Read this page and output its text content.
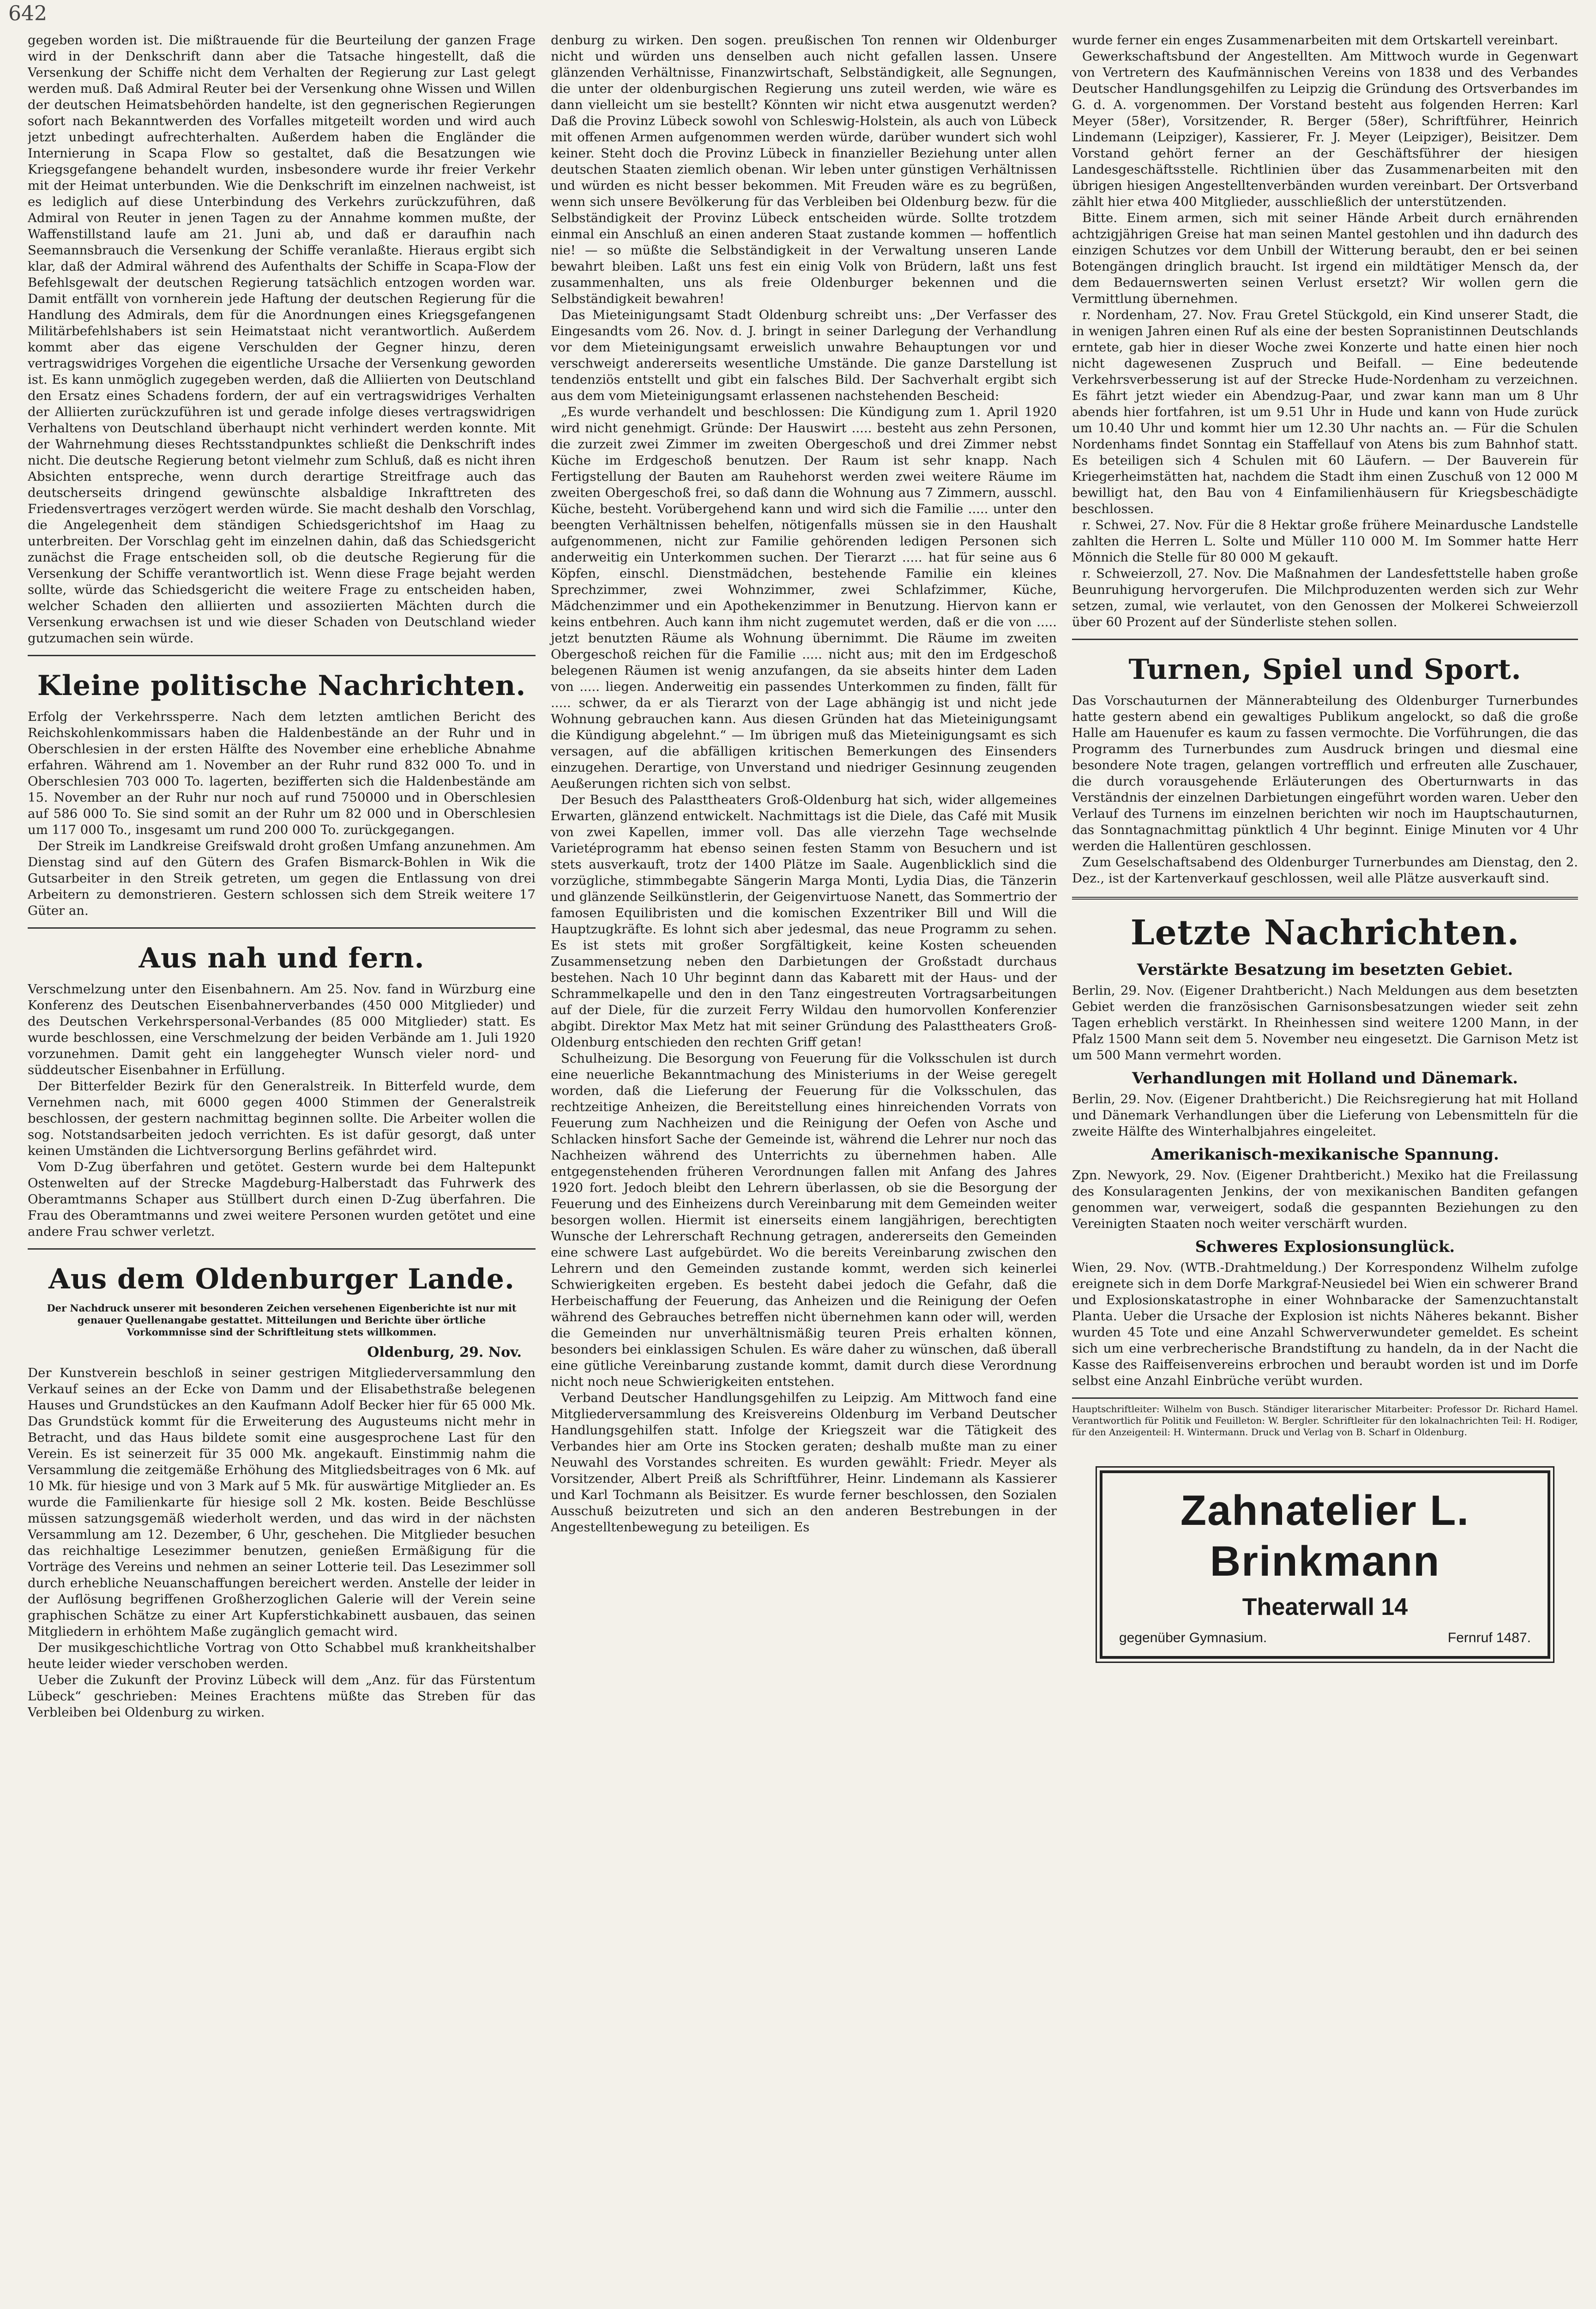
642

gegeben worden ist. Die mißtrauende für die Beurteilung der ganzen Frage wird in der Denkschrift dann aber die Tatsache hingestellt, daß die Versenkung der Schiffe nicht dem Verhalten der Regierung zur Last gelegt werden muß. Daß Admiral Reuter bei der Versenkung ohne Wissen und Willen der deutschen Heimatsbehörden handelte, ist den gegnerischen Regierungen sofort nach Bekanntwerden des Vorfalles mitgeteilt worden und wird auch jetzt unbedingt aufrechterhalten. Außerdem haben die Engländer die Internierung in Scapa Flow so gestaltet, daß die Besatzungen wie Kriegsgefangene behandelt wurden, insbesondere wurde ihr freier Verkehr mit der Heimat unterbunden. Wie die Denkschrift im einzelnen nachweist, ist es lediglich auf diese Unterbindung des Verkehrs zurückzuführen, daß Admiral von Reuter in jenen Tagen zu der Annahme kommen mußte, der Waffenstillstand laufe am 21. Juni ab, und daß er daraufhin nach Seemannsbrauch die Versenkung der Schiffe veranlaßte. Hieraus ergibt sich klar, daß der Admiral während des Aufenthalts der Schiffe in Scapa-Flow der Befehlsgewalt der deutschen Regierung tatsächlich entzogen worden war. Damit entfällt von vornherein jede Haftung der deutschen Regierung für die Handlung des Admirals, dem für die Anordnungen eines Kriegsgefangenen Militärbefehlshabers ist sein Heimatstaat nicht verantwortlich. Außerdem kommt aber das eigene Verschulden der Gegner hinzu, deren vertragswidriges Vorgehen die eigentliche Ursache der Versenkung geworden ist. Es kann unmöglich zugegeben werden, daß die Alliierten von Deutschland den Ersatz eines Schadens fordern, der auf ein vertragswidriges Verhalten der Alliierten zurückzuführen ist und gerade infolge dieses vertragswidrigen Verhaltens von Deutschland überhaupt nicht verhindert werden konnte. Mit der Wahrnehmung dieses Rechtsstandpunktes schließt die Denkschrift indes nicht. Die deutsche Regierung betont vielmehr zum Schluß, daß es nicht ihren Absichten entspreche, wenn durch derartige Streitfrage auch das deutscherseits dringend gewünschte alsbaldige Inkrafttreten des Friedensvertrages verzögert werden würde. Sie macht deshalb den Vorschlag, die Angelegenheit dem ständigen Schiedsgerichtshof im Haag zu unterbreiten. Der Vorschlag geht im einzelnen dahin, daß das Schiedsgericht zunächst die Frage entscheiden soll, ob die deutsche Regierung für die Versenkung der Schiffe verantwortlich ist. Wenn diese Frage bejaht werden sollte, würde das Schiedsgericht die weitere Frage zu entscheiden haben, welcher Schaden den alliierten und assoziierten Mächten durch die Versenkung erwachsen ist und wie dieser Schaden von Deutschland wieder gutzumachen sein würde.

Kleine politische Nachrichten.

Erfolg der Verkehrssperre. Nach dem letzten amtlichen Bericht des Reichskohlenkommissars haben die Haldenbestände an der Ruhr und in Oberschlesien in der ersten Hälfte des November eine erhebliche Abnahme erfahren. Während am 1. November an der Ruhr rund 832 000 To. und in Oberschlesien 703 000 To. lagerten, bezifferten sich die Haldenbestände am 15. November an der Ruhr nur noch auf rund 750000 und in Oberschlesien auf 586 000 To. Sie sind somit an der Ruhr um 82 000 und in Oberschlesien um 117 000 To., insgesamt um rund 200 000 To. zurückgegangen.

Der Streik im Landkreise Greifswald droht großen Umfang anzunehmen. Am Dienstag sind auf den Gütern des Grafen Bismarck-Bohlen in Wik die Gutsarbeiter in den Streik getreten, um gegen die Entlassung von drei Arbeitern zu demonstrieren. Gestern schlossen sich dem Streik weitere 17 Güter an.

Aus nah und fern.

Verschmelzung unter den Eisenbahnern. Am 25. Nov. fand in Würzburg eine Konferenz des Deutschen Eisenbahnerverbandes (450 000 Mitglieder) und des Deutschen Verkehrspersonal-Verbandes (85 000 Mitglieder) statt. Es wurde beschlossen, eine Verschmelzung der beiden Verbände am 1. Juli 1920 vorzunehmen. Damit geht ein langgehegter Wunsch vieler nord- und süddeutscher Eisenbahner in Erfüllung.

Der Bitterfelder Bezirk für den Generalstreik. In Bitterfeld wurde, dem Vernehmen nach, mit 6000 gegen 4000 Stimmen der Generalstreik beschlossen, der gestern nachmittag beginnen sollte. Die Arbeiter wollen die sog. Notstandsarbeiten jedoch verrichten. Es ist dafür gesorgt, daß unter keinen Umständen die Lichtversorgung Berlins gefährdet wird.

Vom D-Zug überfahren und getötet. Gestern wurde bei dem Haltepunkt Ostenwelten auf der Strecke Magdeburg-Halberstadt das Fuhrwerk des Oberamtmanns Schaper aus Stüllbert durch einen D-Zug überfahren. Die Frau des Oberamtmanns und zwei weitere Personen wurden getötet und eine andere Frau schwer verletzt.

Aus dem Oldenburger Lande.
Der Nachdruck unserer mit besonderen Zeichen versehenen Eigenberichte ist nur mit genauer Quellenangabe gestattet. Mitteilungen und Berichte über örtliche Vorkommnisse sind der Schriftleitung stets willkommen.
Oldenburg, 29. Nov.

Der Kunstverein beschloß in seiner gestrigen Mitgliederversammlung den Verkauf seines an der Ecke von Damm und der Elisabethstraße belegenen Hauses und Grundstückes an den Kaufmann Adolf Becker hier für 65 000 Mk. Das Grundstück kommt für die Erweiterung des Augusteums nicht mehr in Betracht, und das Haus bildete somit eine ausgesprochene Last für den Verein. Es ist seinerzeit für 35 000 Mk. angekauft. Einstimmig nahm die Versammlung die zeitgemäße Erhöhung des Mitgliedsbeitrages von 6 Mk. auf 10 Mk. für hiesige und von 3 Mark auf 5 Mk. für auswärtige Mitglieder an. Es wurde die Familienkarte für hiesige soll 2 Mk. kosten. Beide Beschlüsse müssen satzungsgemäß wiederholt werden, und das wird in der nächsten Versammlung am 12. Dezember, 6 Uhr, geschehen. Die Mitglieder besuchen das reichhaltige Lesezimmer benutzen, genießen Ermäßigung für die Vorträge des Vereins und nehmen an seiner Lotterie teil. Das Lesezimmer soll durch erhebliche Neuanschaffungen bereichert werden. Anstelle der leider in der Auflösung begriffenen Großherzoglichen Galerie will der Verein seine graphischen Schätze zu einer Art Kupferstichkabinett ausbauen, das seinen Mitgliedern in erhöhtem Maße zugänglich gemacht wird.

Der musikgeschichtliche Vortrag von Otto Schabbel muß krankheitshalber heute leider wieder verschoben werden.

Ueber die Zukunft der Provinz Lübeck will dem „Anz. für das Fürstentum Lübeck“ geschrieben: Meines Erachtens müßte das Streben für das Verbleiben bei Oldenburg zu wirken.

denburg zu wirken. Den sogen. preußischen Ton rennen wir Oldenburger nicht und würden uns denselben auch nicht gefallen lassen. Unsere glänzenden Verhältnisse, Finanzwirtschaft, Selbständigkeit, alle Segnungen, die unter der oldenburgischen Regierung uns zuteil werden, wie wäre es dann vielleicht um sie bestellt? Könnten wir nicht etwa ausgenutzt werden? Daß die Provinz Lübeck sowohl von Schleswig-Holstein, als auch von Lübeck mit offenen Armen aufgenommen werden würde, darüber wundert sich wohl keiner. Steht doch die Provinz Lübeck in finanzieller Beziehung unter allen deutschen Staaten ziemlich obenan. Wir leben unter günstigen Verhältnissen und würden es nicht besser bekommen. Mit Freuden wäre es zu begrüßen, wenn sich unsere Bevölkerung für das Verbleiben bei Oldenburg bezw. für die Selbständigkeit der Provinz Lübeck entscheiden würde. Sollte trotzdem einmal ein Anschluß an einen anderen Staat zustande kommen — hoffentlich nie! — so müßte die Selbständigkeit in der Verwaltung unseren Lande bewahrt bleiben. Laßt uns fest ein einig Volk von Brüdern, laßt uns fest zusammenhalten, uns als freie Oldenburger bekennen und die Selbständigkeit bewahren!

Das Mieteinigungsamt Stadt Oldenburg schreibt uns: „Der Verfasser des Eingesandts vom 26. Nov. d. J. bringt in seiner Darlegung der Verhandlung vor dem Mieteinigungsamt erweislich unwahre Behauptungen vor und verschweigt andererseits wesentliche Umstände. Die ganze Darstellung ist tendenziös entstellt und gibt ein falsches Bild. Der Sachverhalt ergibt sich aus dem vom Mieteinigungsamt erlassenen nachstehenden Bescheid:

„Es wurde verhandelt und beschlossen: Die Kündigung zum 1. April 1920 wird nicht genehmigt. Gründe: Der Hauswirt ..... besteht aus zehn Personen, die zurzeit zwei Zimmer im zweiten Obergeschoß und drei Zimmer nebst Küche im Erdgeschoß benutzen. Der Raum ist sehr knapp. Nach Fertigstellung der Bauten am Rauhehorst werden zwei weitere Räume im zweiten Obergeschoß frei, so daß dann die Wohnung aus 7 Zimmern, ausschl. Küche, besteht. Vorübergehend kann und wird sich die Familie ..... unter den beengten Verhältnissen behelfen, nötigenfalls müssen sie in den Haushalt aufgenommenen, nicht zur Familie gehörenden ledigen Personen sich anderweitig ein Unterkommen suchen. Der Tierarzt ..... hat für seine aus 6 Köpfen, einschl. Dienstmädchen, bestehende Familie ein kleines Sprechzimmer, zwei Wohnzimmer, zwei Schlafzimmer, Küche, Mädchenzimmer und ein Apothekenzimmer in Benutzung. Hiervon kann er keins entbehren. Auch kann ihm nicht zugemutet werden, daß er die von ..... jetzt benutzten Räume als Wohnung übernimmt. Die Räume im zweiten Obergeschoß reichen für die Familie ..... nicht aus; mit den im Erdgeschoß belegenen Räumen ist wenig anzufangen, da sie abseits hinter dem Laden von ..... liegen. Anderweitig ein passendes Unterkommen zu finden, fällt für ..... schwer, da er als Tierarzt von der Lage abhängig ist und nicht jede Wohnung gebrauchen kann. Aus diesen Gründen hat das Mieteinigungsamt die Kündigung abgelehnt.“ — Im übrigen muß das Mieteinigungsamt es sich versagen, auf die abfälligen kritischen Bemerkungen des Einsenders einzugehen. Derartige, von Unverstand und niedriger Gesinnung zeugenden Aeußerungen richten sich von selbst.

Der Besuch des Palasttheaters Groß-Oldenburg hat sich, wider allgemeines Erwarten, glänzend entwickelt. Nachmittags ist die Diele, das Café mit Musik von zwei Kapellen, immer voll. Das alle vierzehn Tage wechselnde Varietéprogramm hat ebenso seinen festen Stamm von Besuchern und ist stets ausverkauft, trotz der 1400 Plätze im Saale. Augenblicklich sind die vorzügliche, stimmbegabte Sängerin Marga Monti, Lydia Dias, die Tänzerin und glänzende Seilkünstlerin, der Geigenvirtuose Nanett, das Sommertrio der famosen Equilibristen und die komischen Exzentriker Bill und Will die Hauptzugkräfte. Es lohnt sich aber jedesmal, das neue Programm zu sehen. Es ist stets mit großer Sorgfältigkeit, keine Kosten scheuenden Zusammensetzung neben den Darbietungen der Großstadt durchaus bestehen. Nach 10 Uhr beginnt dann das Kabarett mit der Haus- und der Schrammelkapelle und den in den Tanz eingestreuten Vortragsarbeitungen auf der Diele, für die zurzeit Ferry Wildau den humorvollen Konferenzier abgibt. Direktor Max Metz hat mit seiner Gründung des Palasttheaters Groß-Oldenburg entschieden den rechten Griff getan!

Schulheizung. Die Besorgung von Feuerung für die Volksschulen ist durch eine neuerliche Bekanntmachung des Ministeriums in der Weise geregelt worden, daß die Lieferung der Feuerung für die Volksschulen, das rechtzeitige Anheizen, die Bereitstellung eines hinreichenden Vorrats von Feuerung zum Nachheizen und die Reinigung der Oefen von Asche und Schlacken hinsfort Sache der Gemeinde ist, während die Lehrer nur noch das Nachheizen während des Unterrichts zu übernehmen haben. Alle entgegenstehenden früheren Verordnungen fallen mit Anfang des Jahres 1920 fort. Jedoch bleibt den Lehrern überlassen, ob sie die Besorgung der Feuerung und des Einheizens durch Vereinbarung mit dem Gemeinden weiter besorgen wollen. Hiermit ist einerseits einem langjährigen, berechtigten Wunsche der Lehrerschaft Rechnung getragen, andererseits den Gemeinden eine schwere Last aufgebürdet. Wo die bereits Vereinbarung zwischen den Lehrern und den Gemeinden zustande kommt, werden sich keinerlei Schwierigkeiten ergeben. Es besteht dabei jedoch die Gefahr, daß die Herbeischaffung der Feuerung, das Anheizen und die Reinigung der Oefen während des Gebrauches betreffen nicht übernehmen kann oder will, werden die Gemeinden nur unverhältnismäßig teuren Preis erhalten können, besonders bei einklassigen Schulen. Es wäre daher zu wünschen, daß überall eine gütliche Vereinbarung zustande kommt, damit durch diese Verordnung nicht noch neue Schwierigkeiten entstehen.

Verband Deutscher Handlungsgehilfen zu Leipzig. Am Mittwoch fand eine Mitgliederversammlung des Kreisvereins Oldenburg im Verband Deutscher Handlungsgehilfen statt. Infolge der Kriegszeit war die Tätigkeit des Verbandes hier am Orte ins Stocken geraten; deshalb mußte man zu einer Neuwahl des Vorstandes schreiten. Es wurden gewählt: Friedr. Meyer als Vorsitzender, Albert Preiß als Schriftführer, Heinr. Lindemann als Kassierer und Karl Tochmann als Beisitzer. Es wurde ferner beschlossen, den Sozialen Ausschuß beizutreten und sich an den anderen Bestrebungen in der Angestelltenbewegung zu beteiligen. Es

wurde ferner ein enges Zusammenarbeiten mit dem Ortskartell vereinbart.

Gewerkschaftsbund der Angestellten. Am Mittwoch wurde in Gegenwart von Vertretern des Kaufmännischen Vereins von 1838 und des Verbandes Deutscher Handlungsgehilfen zu Leipzig die Gründung des Ortsverbandes im G. d. A. vorgenommen. Der Vorstand besteht aus folgenden Herren: Karl Meyer (58er), Vorsitzender, R. Berger (58er), Schriftführer, Heinrich Lindemann (Leipziger), Kassierer, Fr. J. Meyer (Leipziger), Beisitzer. Dem Vorstand gehört ferner an der Geschäftsführer der hiesigen Landesgeschäftsstelle. Richtlinien über das Zusammenarbeiten mit den übrigen hiesigen Angestelltenverbänden wurden vereinbart. Der Ortsverband zählt hier etwa 400 Mitglieder, ausschließlich der unterstützenden.

Bitte. Einem armen, sich mit seiner Hände Arbeit durch ernährenden achtzigjährigen Greise hat man seinen Mantel gestohlen und ihn dadurch des einzigen Schutzes vor dem Unbill der Witterung beraubt, den er bei seinen Botengängen dringlich braucht. Ist irgend ein mildtätiger Mensch da, der dem Bedauernswerten seinen Verlust ersetzt? Wir wollen gern die Vermittlung übernehmen.

r. Nordenham, 27. Nov. Frau Gretel Stückgold, ein Kind unserer Stadt, die in wenigen Jahren einen Ruf als eine der besten Sopranistinnen Deutschlands erntete, gab hier in dieser Woche zwei Konzerte und hatte einen hier noch nicht dagewesenen Zuspruch und Beifall. — Eine bedeutende Verkehrsverbesserung ist auf der Strecke Hude-Nordenham zu verzeichnen. Es fährt jetzt wieder ein Abendzug-Paar, und zwar kann man um 8 Uhr abends hier fortfahren, ist um 9.51 Uhr in Hude und kann von Hude zurück um 10.40 Uhr und kommt hier um 12.30 Uhr nachts an. — Für die Schulen Nordenhams findet Sonntag ein Staffellauf von Atens bis zum Bahnhof statt. Es beteiligen sich 4 Schulen mit 60 Läufern. — Der Bauverein für Kriegerheimstätten hat, nachdem die Stadt ihm einen Zuschuß von 12 000 M bewilligt hat, den Bau von 4 Einfamilienhäusern für Kriegsbeschädigte beschlossen.

r. Schwei, 27. Nov. Für die 8 Hektar große frühere Meinardusche Landstelle zahlten die Herren L. Solte und Müller 110 000 M. Im Sommer hatte Herr Mönnich die Stelle für 80 000 M gekauft.

r. Schweierzoll, 27. Nov. Die Maßnahmen der Landesfettstelle haben große Beunruhigung hervorgerufen. Die Milchproduzenten werden sich zur Wehr setzen, zumal, wie verlautet, von den Genossen der Molkerei Schweierzoll über 60 Prozent auf der Sünderliste stehen sollen.

Turnen, Spiel und Sport.

Das Vorschauturnen der Männerabteilung des Oldenburger Turnerbundes hatte gestern abend ein gewaltiges Publikum angelockt, so daß die große Halle am Hauenufer es kaum zu fassen vermochte. Die Vorführungen, die das Programm des Turnerbundes zum Ausdruck bringen und diesmal eine besondere Note tragen, gelangen vortrefflich und erfreuten alle Zuschauer, die durch vorausgehende Erläuterungen des Oberturnwarts in das Verständnis der einzelnen Darbietungen eingeführt worden waren. Ueber den Verlauf des Turnens im einzelnen berichten wir noch im Hauptschauturnen, das Sonntagnachmittag pünktlich 4 Uhr beginnt. Einige Minuten vor 4 Uhr werden die Hallentüren geschlossen.

Zum Geselschaftsabend des Oldenburger Turnerbundes am Dienstag, den 2. Dez., ist der Kartenverkauf geschlossen, weil alle Plätze ausverkauft sind.

Letzte Nachrichten.
Verstärkte Besatzung im besetzten Gebiet.

Berlin, 29. Nov. (Eigener Drahtbericht.) Nach Meldungen aus dem besetzten Gebiet werden die französischen Garnisonsbesatzungen wieder seit zehn Tagen erheblich verstärkt. In Rheinhessen sind weitere 1200 Mann, in der Pfalz 1500 Mann seit dem 5. November neu eingesetzt. Die Garnison Metz ist um 500 Mann vermehrt worden.

Verhandlungen mit Holland und Dänemark.

Berlin, 29. Nov. (Eigener Drahtbericht.) Die Reichsregierung hat mit Holland und Dänemark Verhandlungen über die Lieferung von Lebensmitteln für die zweite Hälfte des Winterhalbjahres eingeleitet.

Amerikanisch-mexikanische Spannung.

Zpn. Newyork, 29. Nov. (Eigener Drahtbericht.) Mexiko hat die Freilassung des Konsularagenten Jenkins, der von mexikanischen Banditen gefangen genommen war, verweigert, sodaß die gespannten Beziehungen zu den Vereinigten Staaten noch weiter verschärft wurden.

Schweres Explosionsunglück.

Wien, 29. Nov. (WTB.-Drahtmeldung.) Der Korrespondenz Wilhelm zufolge ereignete sich in dem Dorfe Markgraf-Neusiedel bei Wien ein schwerer Brand und Explosionskatastrophe in einer Wohnbaracke der Samenzuchtanstalt Planta. Ueber die Ursache der Explosion ist nichts Näheres bekannt. Bisher wurden 45 Tote und eine Anzahl Schwerverwundeter gemeldet. Es scheint sich um eine verbrecherische Brandstiftung zu handeln, da in der Nacht die Kasse des Raiffeisenvereins erbrochen und beraubt worden ist und im Dorfe selbst eine Anzahl Einbrüche verübt wurden.

Hauptschriftleiter: Wilhelm von Busch. Ständiger literarischer Mitarbeiter: Professor Dr. Richard Hamel. Verantwortlich für Politik und Feuilleton: W. Bergler. Schriftleiter für den lokalnachrichten Teil: H. Rodiger, für den Anzeigenteil: H. Wintermann. Druck und Verlag von B. Scharf in Oldenburg.
Zahnatelier L. Brinkmann
Theaterwall 14
gegenüber Gymnasium.	Fernruf 1487.
